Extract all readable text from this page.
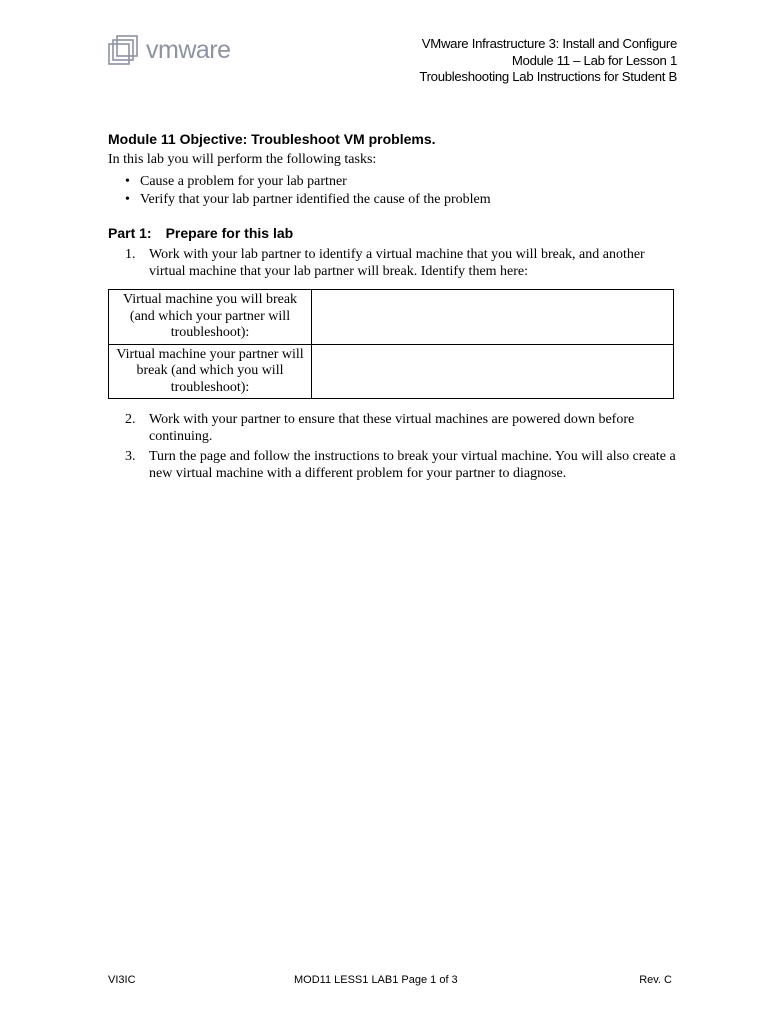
vmware	VMware Infrastructure 3: Install and Configure
Module 11 – Lab for Lesson 1
Troubleshooting Lab Instructions for Student B
Module 11 Objective: Troubleshoot VM problems.
In this lab you will perform the following tasks:
• Cause a problem for your lab partner
• Verify that your lab partner identified the cause of the problem
Part 1: Prepare for this lab
1. Work with your lab partner to identify a virtual machine that you will break, and another virtual machine that your lab partner will break. Identify them here:
Virtual machine you will break (and which your partner will troubleshoot):	
Virtual machine your partner will break (and which you will troubleshoot):	
2. Work with your partner to ensure that these virtual machines are powered down before continuing.
3. Turn the page and follow the instructions to break your virtual machine. You will also create a new virtual machine with a different problem for your partner to diagnose.
VI3IC	MOD11 LESS1 LAB1 Page 1 of 3	Rev. C
